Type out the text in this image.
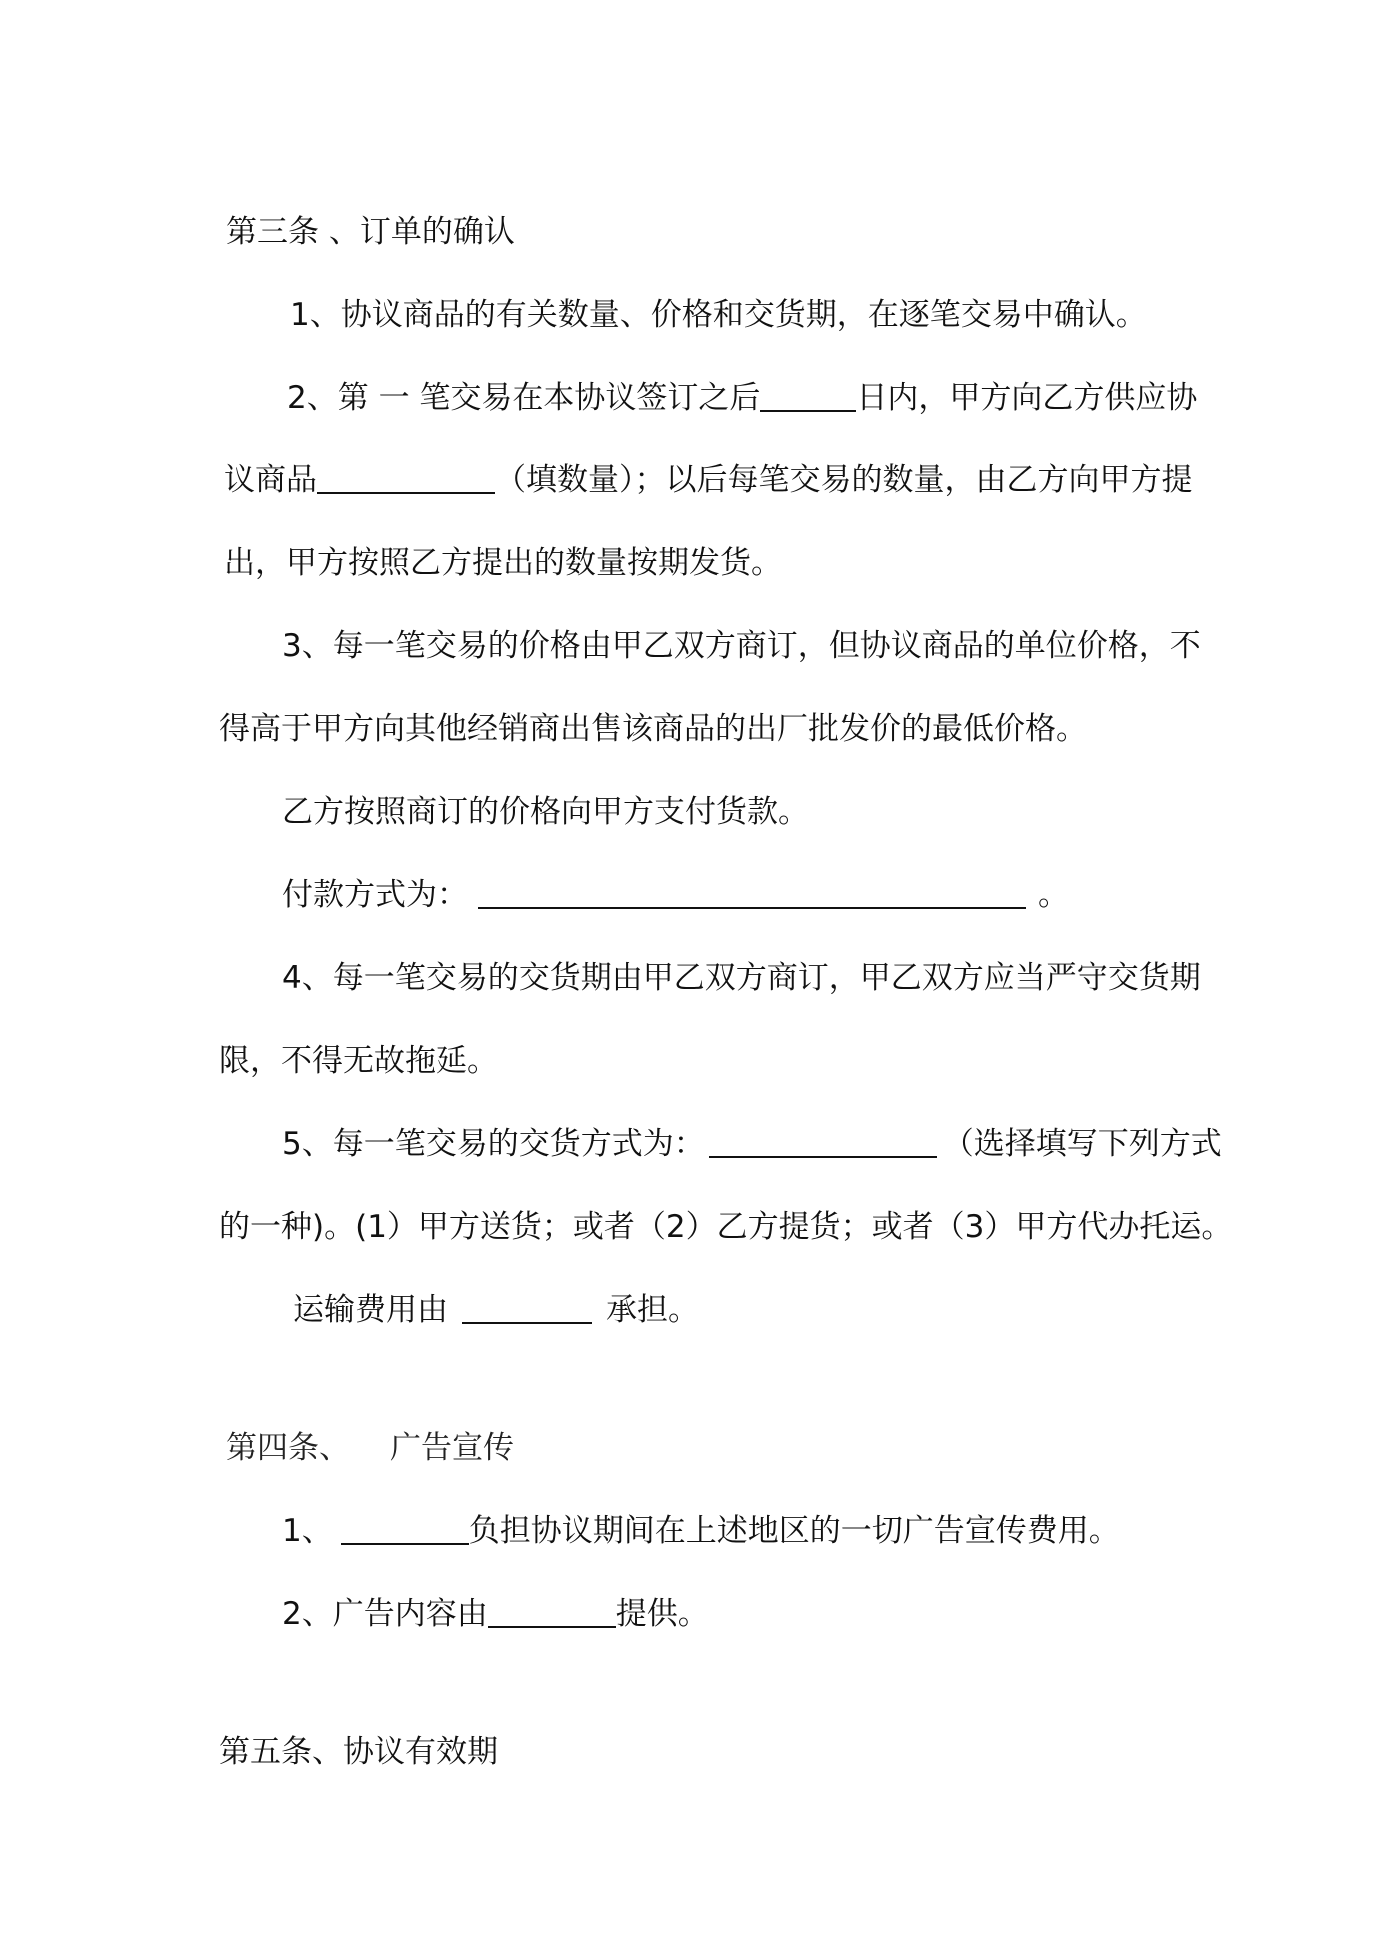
第三条 、订单的确认
1、协议商品的有关数量、价格和交货期，在逐笔交易中确认。
2、第 一 笔交易在本协议签订之后	日内，甲方向乙方供应协
议商品	（填数量）；以后每笔交易的数量，由乙方向甲方提
出，甲方按照乙方提出的数量按期发货。
3、每一笔交易的价格由甲乙双方商订，但协议商品的单位价格，不
得高于甲方向其他经销商出售该商品的出厂批发价的最低价格。
乙方按照商订的价格向甲方支付货款。
付款方式为：	。
4、每一笔交易的交货期由甲乙双方商订，甲乙双方应当严守交货期
限，不得无故拖延。
5、每一笔交易的交货方式为：	（选择填写下列方式
的一种)。(1）甲方送货；或者（2）乙方提货；或者（3）甲方代办托运。
运输费用由	承担。
第四条、 广告宣传
1、	负担协议期间在上述地区的一切广告宣传费用。
2、广告内容由	提供。
第五条、协议有效期
